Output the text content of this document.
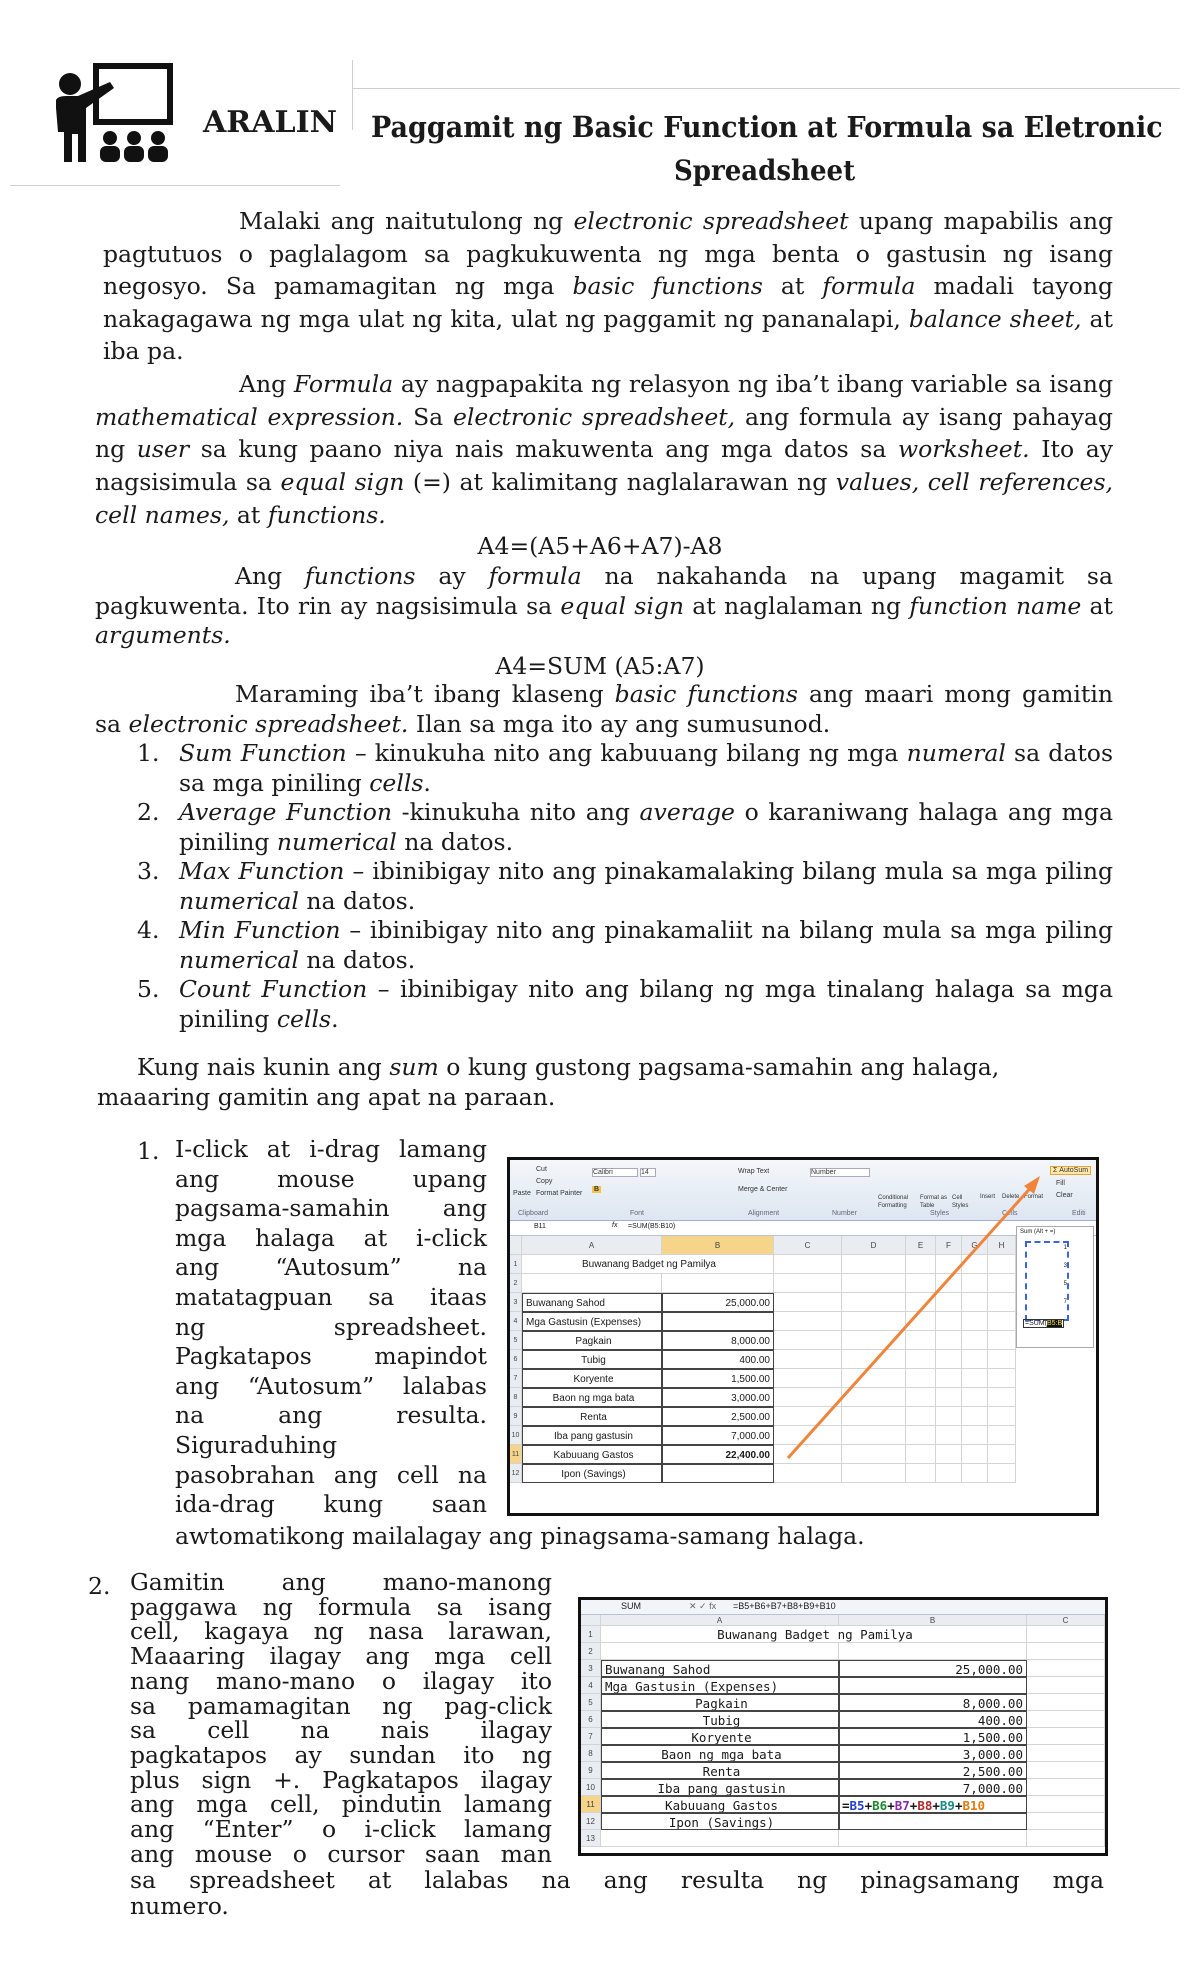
ARALIN Paggamit ng Basic Function at Formula sa Eletronic
Spreadsheet
Malaki ang naitutulong ng electronic spreadsheet upang mapabilis ang pagtutuos o paglalagom sa pagkukuwenta ng mga benta o gastusin ng isang negosyo. Sa pamamagitan ng mga basic functions at formula madali tayong nakagagawa ng mga ulat ng kita, ulat ng paggamit ng pananalapi, balance sheet, at iba pa.
Ang Formula ay nagpapakita ng relasyon ng iba’t ibang variable sa isang mathematical expression. Sa electronic spreadsheet, ang formula ay isang pahayag ng user sa kung paano niya nais makuwenta ang mga datos sa worksheet. Ito ay nagsisimula sa equal sign (=) at kalimitang naglalarawan ng values, cell references, cell names, at functions.
A4=(A5+A6+A7)-A8
Ang functions ay formula na nakahanda na upang magamit sa pagkuwenta. Ito rin ay nagsisimula sa equal sign at naglalaman ng function name at arguments.
A4=SUM (A5:A7)
Maraming iba’t ibang klaseng basic functions ang maari mong gamitin sa electronic spreadsheet. Ilan sa mga ito ay ang sumusunod.
1. Sum Function – kinukuha nito ang kabuuang bilang ng mga numeral sa datos sa mga piniling cells.
2. Average Function -kinukuha nito ang average o karaniwang halaga ang mga piniling numerical na datos.
3. Max Function – ibinibigay nito ang pinakamalaking bilang mula sa mga piling numerical na datos.
4. Min Function – ibinibigay nito ang pinakamaliit na bilang mula sa mga piling numerical na datos.
5. Count Function – ibinibigay nito ang bilang ng mga tinalang halaga sa mga piniling cells.
Kung nais kunin ang sum o kung gustong pagsama-samahin ang halaga, maaaring gamitin ang apat na paraan.
1. I-click at i-drag lamang
ang mouse upang
pagsama-samahin ang
mga halaga at i-click
ang “Autosum” na
matatagpuan sa itaas
ng spreadsheet.
Pagkatapos mapindot
ang “Autosum” lalabas
na ang resulta.
Siguraduhing
pasobrahan ang cell na
ida-drag kung saan
awtomatikong mailalagay ang pinagsama-samang halaga.
Paste
Cut
Copy
Format Painter
Calibri	14
B
Wrap Text
Merge & Center
Number
Conditional Formatting
Format as Table
Cell Styles
Insert Delete Format
Σ AutoSum
Fill
Clear
Clipboard	Font	Alignment	Number	Styles	Cells	Editi
B11	fx =SUM(B5:B10)
A	B	C	D	E	F	G	H
1	Buwanang Badget ng Pamilya
2
3 Buwanang Sahod	25,000.00
4 Mga Gastusin (Expenses)
5	Pagkain	8,000.00
6	Tubig	400.00
7	Koryente	1,500.00
8	Baon ng mga bata	3,000.00
9	Renta	2,500.00
10	Iba pang gastusin	7,000.00
11	Kabuuang Gastos	22,400.00
12	Ipon (Savings)
Sum (Alt + =)
1
3
5
7
=SUM(B5:B
2. Gamitin ang mano-manong
paggawa ng formula sa isang
cell, kagaya ng nasa larawan,
Maaaring ilagay ang mga cell
nang mano-mano o ilagay ito
sa pamamagitan ng pag-click
sa cell na nais ilagay
pagkatapos ay sundan ito ng
plus sign +. Pagkatapos ilagay
ang mga cell, pindutin lamang
ang “Enter” o i-click lamang
ang mouse o cursor saan man
sa spreadsheet at lalabas na ang resulta ng pinagsamang mga
numero.
SUM	✕ ✓ fx =B5+B6+B7+B8+B9+B10
A	B	C
1	Buwanang Badget ng Pamilya
2
3 Buwanang Sahod	25,000.00
4 Mga Gastusin (Expenses)
5	Pagkain	8,000.00
6	Tubig	400.00
7	Koryente	1,500.00
8	Baon ng mga bata	3,000.00
9	Renta	2,500.00
10	Iba pang gastusin	7,000.00
11	Kabuuang Gastos	=B5+B6+B7+B8+B9+B10
12	Ipon (Savings)
13
